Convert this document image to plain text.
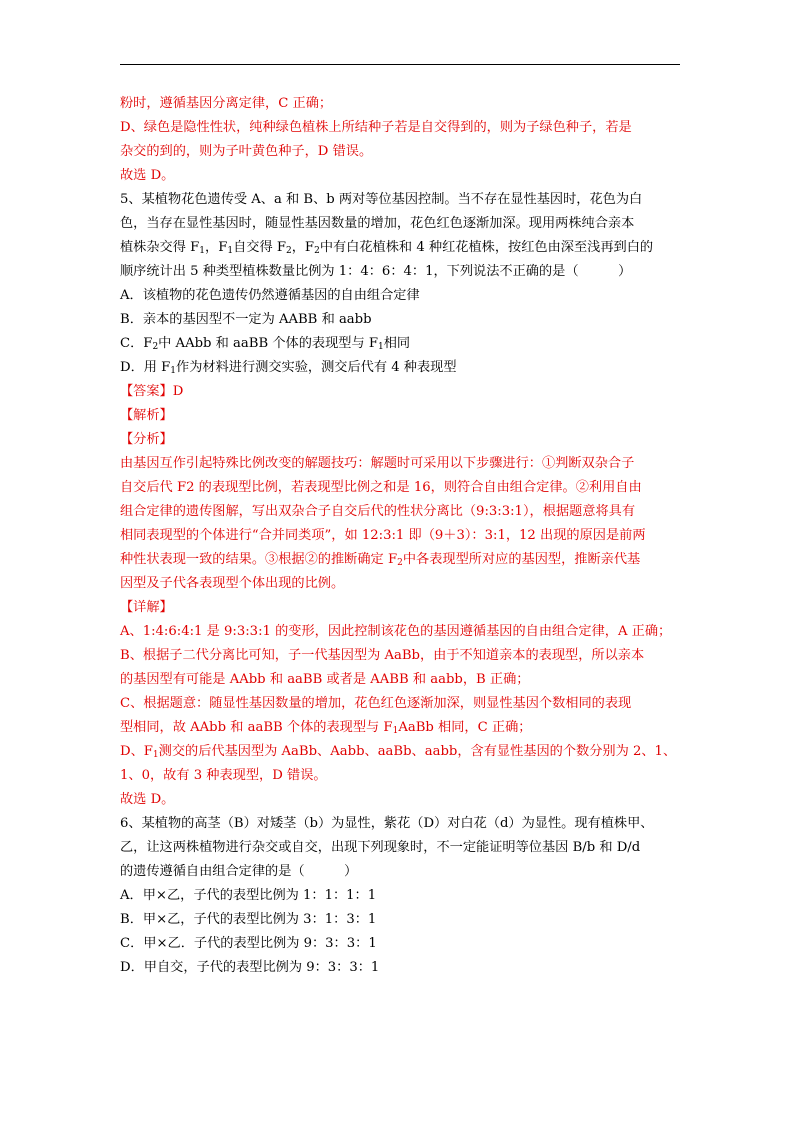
粉时，遵循基因分离定律，C 正确；

D、绿色是隐性性状，纯种绿色植株上所结种子若是自交得到的，则为子绿色种子，若是

杂交的到的，则为子叶黄色种子，D 错误。

故选 D。

5、某植物花色遗传受 A、a 和 B、b 两对等位基因控制。当不存在显性基因时，花色为白

色，当存在显性基因时，随显性基因数量的增加，花色红色逐渐加深。现用两株纯合亲本

植株杂交得 $F_1$，$F_1$自交得 $F_2$，$F_2$中有白花植株和 4 种红花植株，按红色由深至浅再到白的

顺序统计出 5 种类型植株数量比例为 1：4：6：4：1，下列说法不正确的是（　　　）

A．该植物的花色遗传仍然遵循基因的自由组合定律

B．亲本的基因型不一定为 AABB 和 aabb

C．$F_2$中 AAbb 和 aaBB 个体的表现型与 $F_1$相同

D．用 $F_1$作为材料进行测交实验，测交后代有 4 种表现型

【答案】D

【解析】

【分析】

由基因互作引起特殊比例改变的解题技巧：解题时可采用以下步骤进行：①判断双杂合子

自交后代 F2 的表现型比例，若表现型比例之和是 16，则符合自由组合定律。②利用自由

组合定律的遗传图解，写出双杂合子自交后代的性状分离比（9:3:3:1），根据题意将具有

相同表现型的个体进行“合并同类项”，如 12:3:1 即（9＋3）：3:1，12 出现的原因是前两

种性状表现一致的结果。③根据②的推断确定 $F_2$中各表现型所对应的基因型，推断亲代基

因型及子代各表现型个体出现的比例。

【详解】

A、1:4:6:4:1 是 9:3:3:1 的变形，因此控制该花色的基因遵循基因的自由组合定律，A 正确；

B、根据子二代分离比可知，子一代基因型为 AaBb，由于不知道亲本的表现型，所以亲本

的基因型有可能是 AAbb 和 aaBB 或者是 AABB 和 aabb，B 正确；

C、根据题意：随显性基因数量的增加，花色红色逐渐加深，则显性基因个数相同的表现

型相同，故 AAbb 和 aaBB 个体的表现型与 $F_1AaBb$ 相同，C 正确；

D、$F_1$测交的后代基因型为 AaBb、Aabb、aaBb、aabb，含有显性基因的个数分别为 2、1、

1、0，故有 3 种表现型，D 错误。

故选 D。

6、某植物的高茎（B）对矮茎（b）为显性，紫花（D）对白花（d）为显性。现有植株甲、

乙，让这两株植物进行杂交或自交，出现下列现象时，不一定能证明等位基因 B/b 和 D/d

的遗传遵循自由组合定律的是（　　　）

A．甲×乙，子代的表型比例为 1：1：1：1

B．甲×乙，子代的表型比例为 3：1：3：1

C．甲×乙．子代的表型比例为 9：3：3：1

D．甲自交，子代的表型比例为 9：3：3：1
